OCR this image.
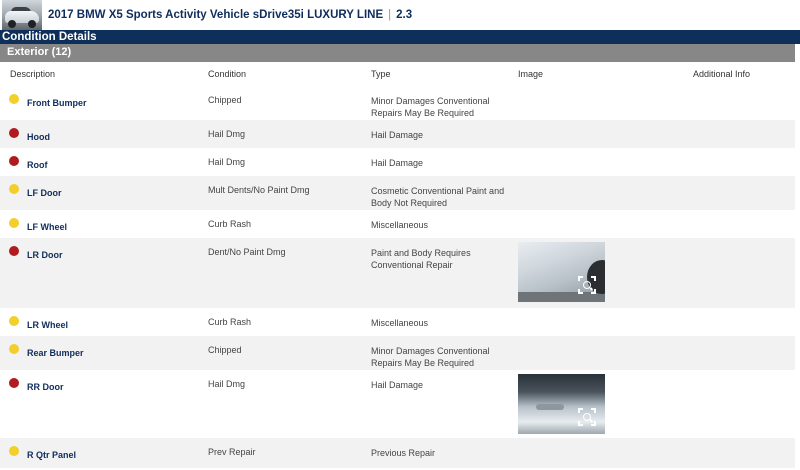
2017 BMW X5 Sports Activity Vehicle sDrive35i LUXURY LINE | 2.3
Condition Details
Exterior (12)
Description	Condition	Type	Image	Additional Info
Front Bumper	Chipped	Minor Damages Conventional Repairs May Be Required
Hood	Hail Dmg	Hail Damage
Roof	Hail Dmg	Hail Damage
LF Door	Mult Dents/No Paint Dmg	Cosmetic Conventional Paint and Body Not Required
LF Wheel	Curb Rash	Miscellaneous
LR Door	Dent/No Paint Dmg	Paint and Body Requires Conventional Repair
LR Wheel	Curb Rash	Miscellaneous
Rear Bumper	Chipped	Minor Damages Conventional Repairs May Be Required
RR Door	Hail Dmg	Hail Damage
R Qtr Panel	Prev Repair	Previous Repair
